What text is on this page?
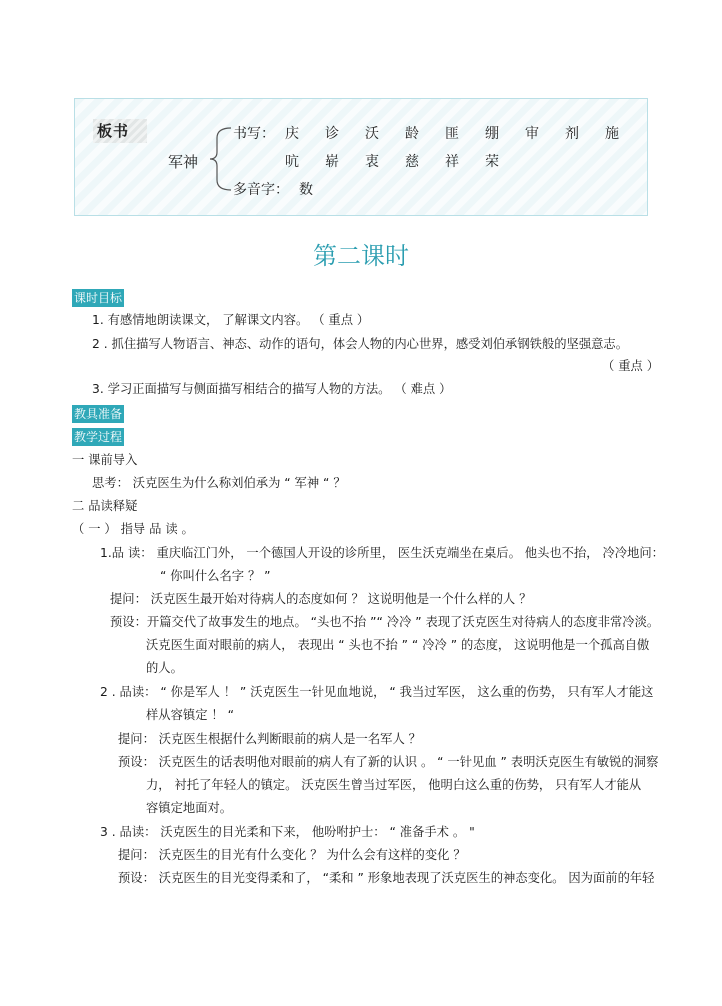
板书
军神
书写： 庆 诊 沃 龄 匪 绷 审 剂 施
吭 崭 衷 慈 祥 荣
多音字： 数
第二课时
课时目标
1. 有感情地朗读课文， 了解课文内容。 （ 重点 ）
2 . 抓住描写人物语言、神态、动作的语句，体会人物的内心世界，感受刘伯承钢铁般的坚强意志。
（ 重点 ）
3. 学习正面描写与侧面描写相结合的描写人物的方法。 （ 难点 ）
教具准备
教学过程
一 课前导入
思考： 沃克医生为什么称刘伯承为 “ 军神 “ ？
二 品读释疑
（ 一 ） 指导 品 读 。
1.品 读： 重庆临江门外， 一个德国人开设的诊所里， 医生沃克端坐在桌后。 他头也不抬， 冷冷地问：
“ 你叫什么名字 ？ ”
提问： 沃克医生最开始对待病人的态度如何 ？ 这说明他是一个什么样的人 ？
预设：开篇交代了故事发生的地点。 “头也不抬 ”“ 冷冷 ” 表现了沃克医生对待病人的态度非常冷淡。
沃克医生面对眼前的病人， 表现出 “ 头也不抬 ” “ 冷冷 ” 的态度， 这说明他是一个孤高自傲
的人。
2 . 品读： “ 你是军人 ！ ” 沃克医生一针见血地说， “ 我当过军医， 这么重的伤势， 只有军人才能这
样从容镇定 ！ “
提问： 沃克医生根据什么判断眼前的病人是一名军人 ？
预设： 沃克医生的话表明他对眼前的病人有了新的认识 。 “ 一针见血 ” 表明沃克医生有敏锐的洞察
力， 衬托了年轻人的镇定。 沃克医生曾当过军医， 他明白这么重的伤势， 只有军人才能从
容镇定地面对。
3 . 品读： 沃克医生的目光柔和下来， 他吩咐护士： “ 准备手术 。 "
提问： 沃克医生的目光有什么变化 ？ 为什么会有这样的变化 ？
预设： 沃克医生的目光变得柔和了， “柔和 ” 形象地表现了沃克医生的神态变化。 因为面前的年轻
